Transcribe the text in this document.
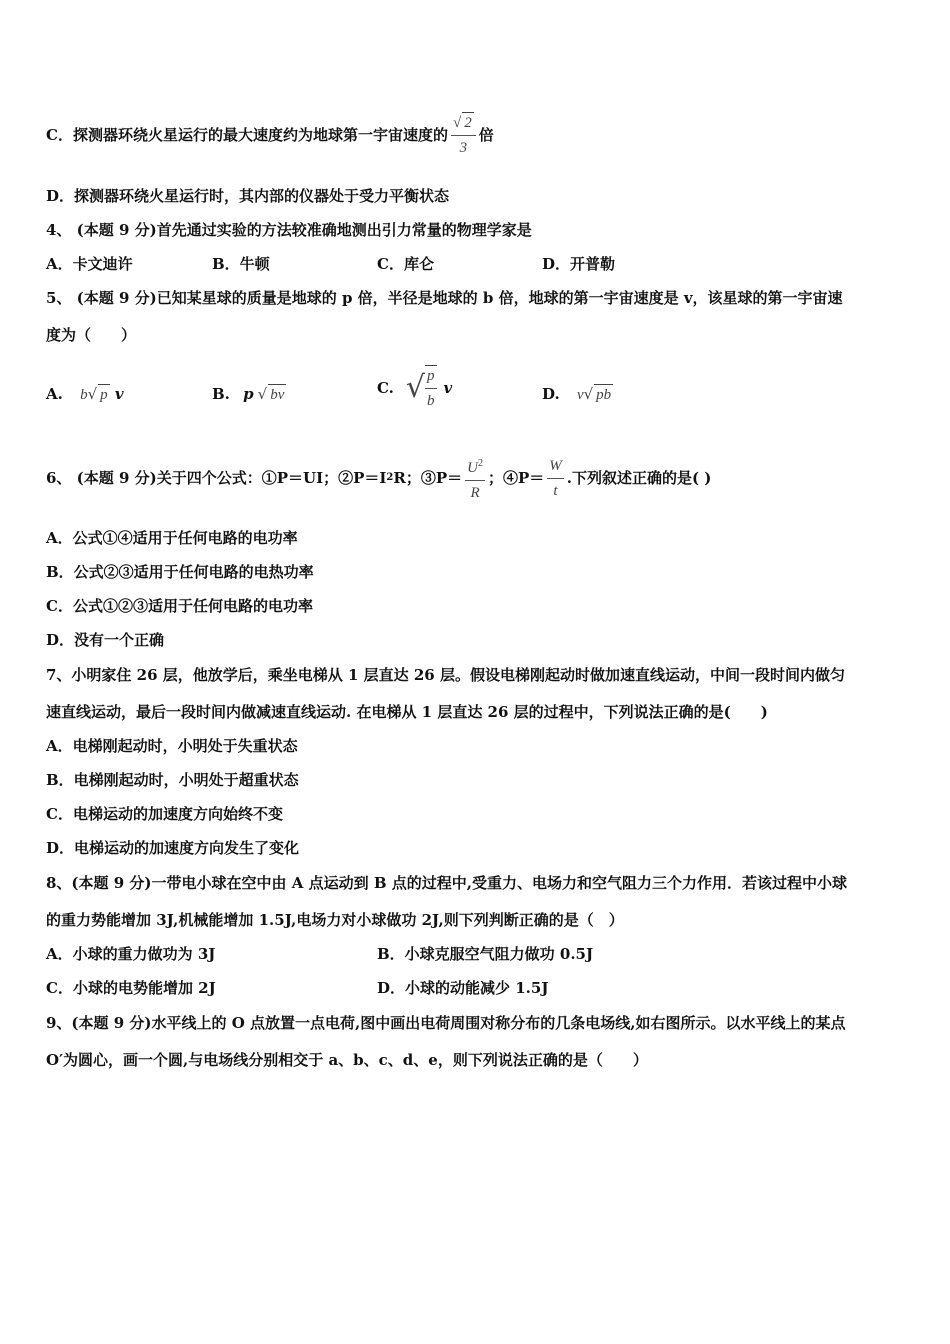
C．探测器环绕火星运行的最大速度约为地球第一宇宙速度的 $\frac{√ 2}{3}$ 倍
D．探测器环绕火星运行时，其内部的仪器处于受力平衡状态
4、 (本题 9 分)首先通过实验的方法较准确地测出引力常量的物理学家是
A．卡文迪许	B．牛顿	C．库仑	D．开普勒
5、 (本题 9 分)已知某星球的质量是地球的 p 倍，半径是地球的 b 倍，地球的第一宇宙速度是 v，该星球的第一宇宙速
度为（　　）
A. b√ p v	B. p √ bv	C. √ $\frac{p}{b}$ v	D. v√ pb
6、 (本题 9 分)关于四个公式：①P＝UI；②P＝I 2 R；③P＝ $\frac{U^2}{R}$ ；④P＝ $\frac{W}{t}$ .下列叙述正确的是( )
A．公式①④适用于任何电路的电功率
B．公式②③适用于任何电路的电热功率
C．公式①②③适用于任何电路的电功率
D．没有一个正确
7、小明家住 26 层，他放学后，乘坐电梯从 1 层直达 26 层。假设电梯刚起动时做加速直线运动，中间一段时间内做匀
速直线运动，最后一段时间内做减速直线运动. 在电梯从 1 层直达 26 层的过程中，下列说法正确的是(　　)
A．电梯刚起动时，小明处于失重状态
B．电梯刚起动时，小明处于超重状态
C．电梯运动的加速度方向始终不变
D．电梯运动的加速度方向发生了变化
8、(本题 9 分)一带电小球在空中由 A 点运动到 B 点的过程中,受重力、电场力和空气阻力三个力作用．若该过程中小球
的重力势能增加 3J,机械能增加 1.5J,电场力对小球做功 2J,则下列判断正确的是（　）
A．小球的重力做功为 3J	B．小球克服空气阻力做功 0.5J
C．小球的电势能增加 2J	D．小球的动能减少 1.5J
9、(本题 9 分)水平线上的 O 点放置一点电荷,图中画出电荷周围对称分布的几条电场线,如右图所示。以水平线上的某点
O′为圆心，画一个圆,与电场线分别相交于 a、b、c、d、e，则下列说法正确的是（　　）
